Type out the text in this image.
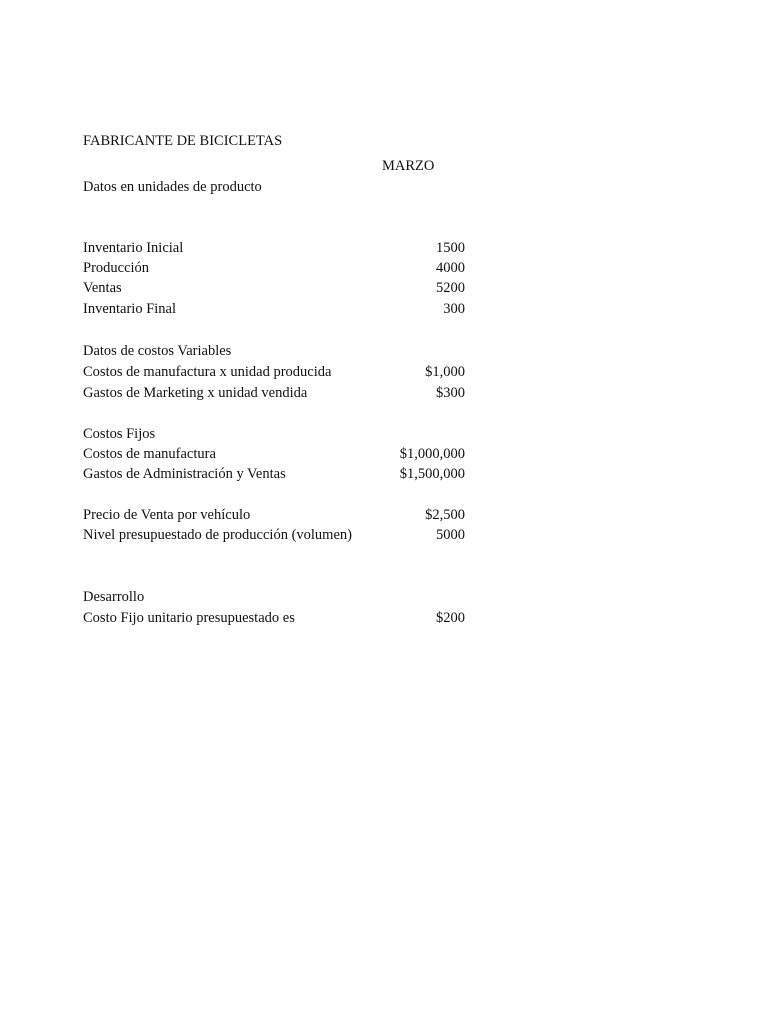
FABRICANTE DE BICICLETAS
MARZO
Datos en unidades de producto
Inventario Inicial	1500
Producción	4000
Ventas	5200
Inventario Final	300
Datos de costos Variables
Costos de manufactura x unidad producida	$1,000
Gastos de Marketing x unidad vendida	$300
Costos Fijos
Costos de manufactura	$1,000,000
Gastos de Administración y Ventas	$1,500,000
Precio de Venta por vehículo	$2,500
Nivel presupuestado de producción (volumen)	5000
Desarrollo
Costo Fijo unitario presupuestado es	$200
